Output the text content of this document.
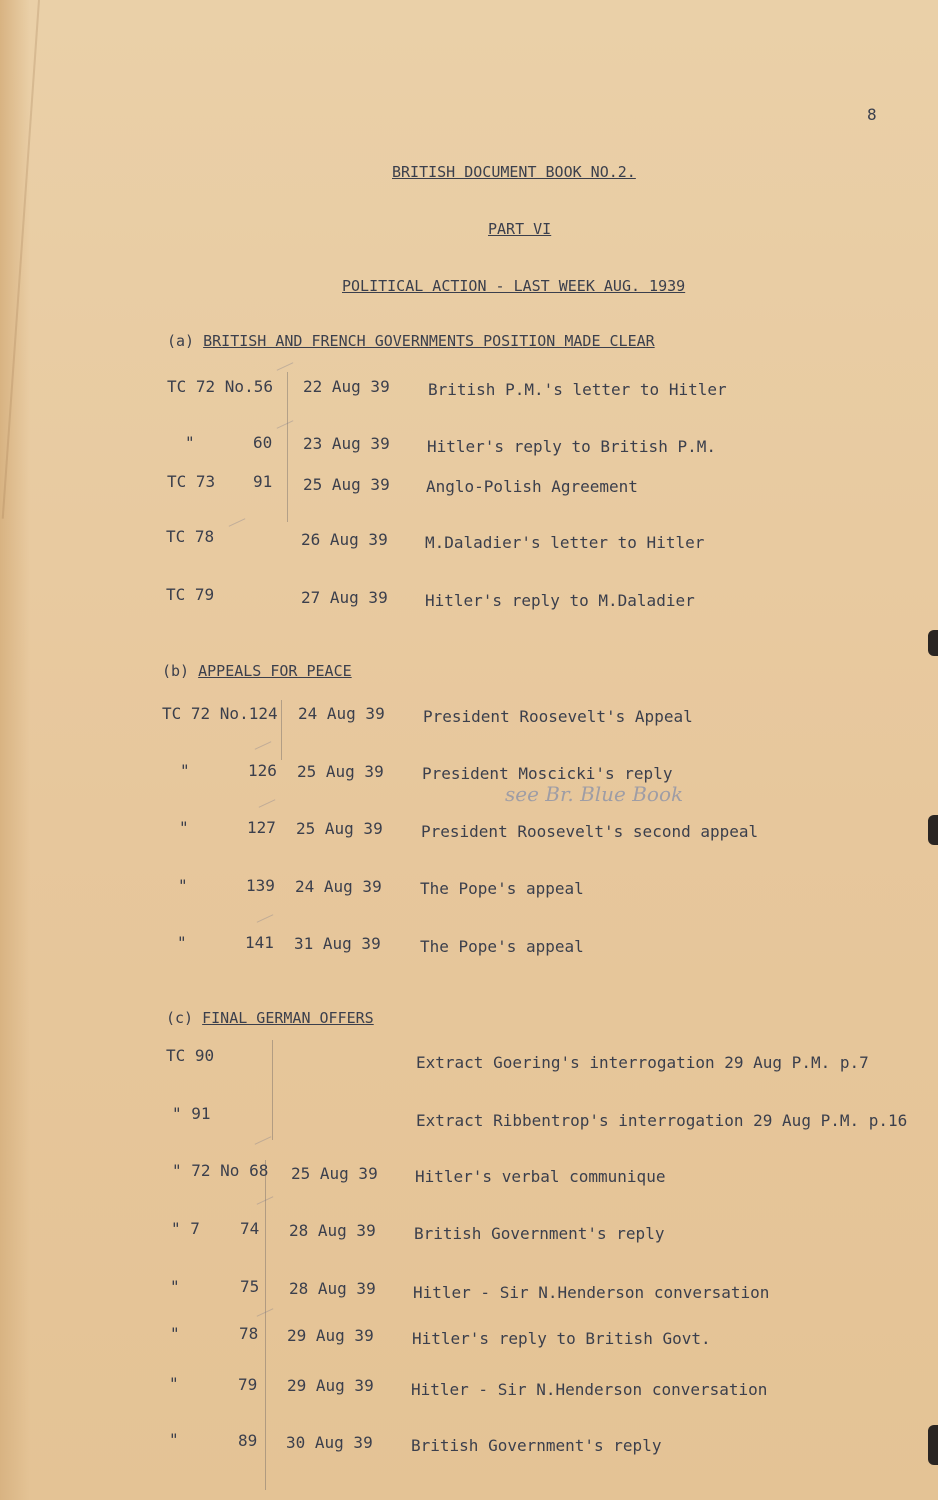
8
BRITISH DOCUMENT BOOK NO.2.
PART VI
POLITICAL ACTION - LAST WEEK AUG. 1939
(a) BRITISH AND FRENCH GOVERNMENTS POSITION MADE CLEAR
TC 72 No.56 22 Aug 39 British P.M.'s letter to Hitler
"	60 23 Aug 39 Hitler's reply to British P.M.
TC 73 91 25 Aug 39 Anglo-Polish Agreement
TC 78	26 Aug 39 M.Daladier's letter to Hitler
TC 79	27 Aug 39 Hitler's reply to M.Daladier
(b) APPEALS FOR PEACE
TC 72 No.124 24 Aug 39 President Roosevelt's Appeal
"	126 25 Aug 39 President Moscicki's reply
"	127 25 Aug 39 President Roosevelt's second appeal
"	139 24 Aug 39 The Pope's appeal
"	141 31 Aug 39 The Pope's appeal
see Br. Blue Book
(c) FINAL GERMAN OFFERS
TC 90	Extract Goering's interrogation 29 Aug P.M. p.7
" 91	Extract Ribbentrop's interrogation 29 Aug P.M. p.16
" 72 No 68 25 Aug 39 Hitler's verbal communique
" 7	74 28 Aug 39 British Government's reply
"	75 28 Aug 39 Hitler - Sir N.Henderson conversation
"	78 29 Aug 39 Hitler's reply to British Govt.
"	79 29 Aug 39 Hitler - Sir N.Henderson conversation
"	89 30 Aug 39 British Government's reply
